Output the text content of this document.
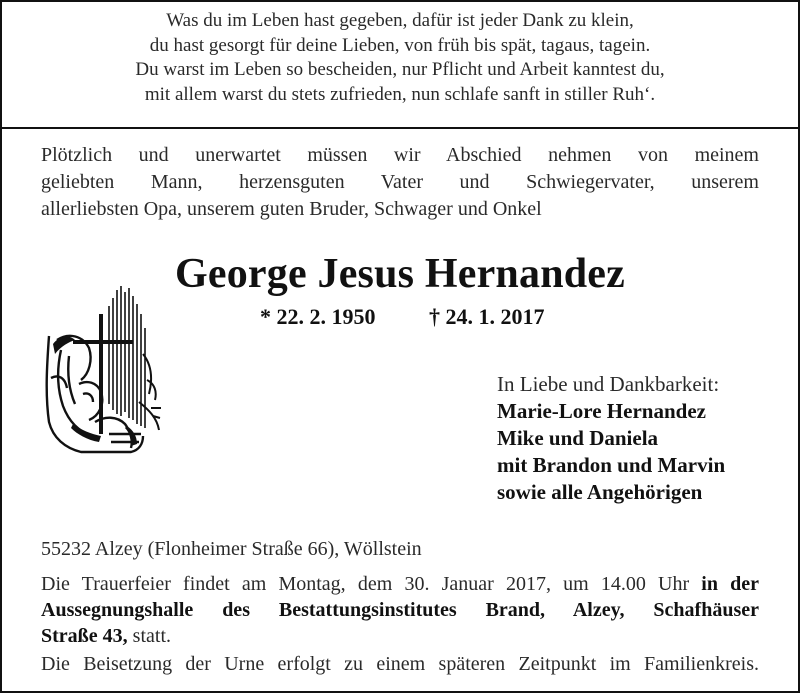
Was du im Leben hast gegeben, dafür ist jeder Dank zu klein,
du hast gesorgt für deine Lieben, von früh bis spät, tagaus, tagein.
Du warst im Leben so bescheiden, nur Pflicht und Arbeit kanntest du,
mit allem warst du stets zufrieden, nun schlafe sanft in stiller Ruh‘.
Plötzlich und unerwartet müssen wir Abschied nehmen von meinem
geliebten Mann, herzensguten Vater und Schwiegervater, unserem
allerliebsten Opa, unserem guten Bruder, Schwager und Onkel
George Jesus Hernandez
* 22. 2. 1950 † 24. 1. 2017
In Liebe und Dankbarkeit:
Marie-Lore Hernandez
Mike und Daniela
mit Brandon und Marvin
sowie alle Angehörigen
55232 Alzey (Flonheimer Straße 66), Wöllstein
Die Trauerfeier findet am Montag, dem 30. Januar 2017, um 14.00 Uhr in der
Aussegnungshalle des Bestattungsinstitutes Brand, Alzey, Schafhäuser
Straße 43, statt.
Die Beisetzung der Urne erfolgt zu einem späteren Zeitpunkt im Familienkreis.
